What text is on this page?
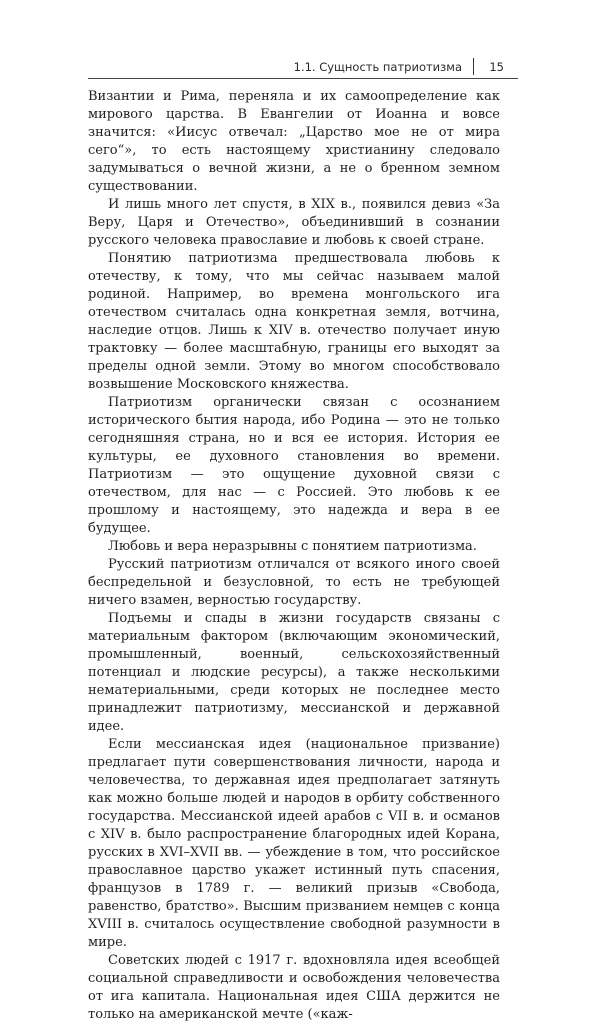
1.1. Сущность патриотизма 15

Византии и Рима, переняла и их самоопределение как мирового царства. В Евангелии от Иоанна и вовсе значится: «Иисус отвечал: „Царство мое не от мира сего“», то есть настоящему христианину следовало задумываться о вечной жизни, а не о бренном земном существовании.

И лишь много лет спустя, в XIX в., появился девиз «За Веру, Царя и Отечество», объединивший в сознании русского человека православие и любовь к своей стране.

Понятию патриотизма предшествовала любовь к отечеству, к тому, что мы сейчас называем малой родиной. Например, во времена монгольского ига отечеством считалась одна конкретная земля, вотчина, наследие отцов. Лишь к XIV в. отечество получает иную трактовку — более масштабную, границы его выходят за пределы одной земли. Этому во многом способствовало возвышение Московского княжества.

Патриотизм органически связан с осознанием исторического бытия народа, ибо Родина — это не только сегодняшняя страна, но и вся ее история. История ее культуры, ее духовного становления во времени. Патриотизм — это ощущение духовной связи с отечеством, для нас — с Россией. Это любовь к ее прошлому и настоящему, это надежда и вера в ее будущее.

Любовь и вера неразрывны с понятием патриотизма.

Русский патриотизм отличался от всякого иного своей беспредельной и безусловной, то есть не требующей ничего взамен, верностью государству.

Подъемы и спады в жизни государств связаны с материальным фактором (включающим экономический, промышленный, военный, сельскохозяйственный потенциал и людские ресурсы), а также несколькими нематериальными, среди которых не последнее место принадлежит патриотизму, мессианской и державной идее.

Если мессианская идея (национальное призвание) предлагает пути совершенствования личности, народа и человечества, то державная идея предполагает затянуть как можно больше людей и народов в орбиту собственного государства. Мессианской идеей арабов с VII в. и османов с XIV в. было распространение благородных идей Корана, русских в XVI–XVII вв. — убеждение в том, что российское православное царство укажет истинный путь спасения, французов в 1789 г. — великий призыв «Свобода, равенство, братство». Высшим призванием немцев с конца XVIII в. считалось осуществление свободной разумности в мире.

Советских людей с 1917 г. вдохновляла идея всеобщей социальной справедливости и освобождения человечества от ига капитала. Национальная идея США держится не только на американской мечте («каж-
